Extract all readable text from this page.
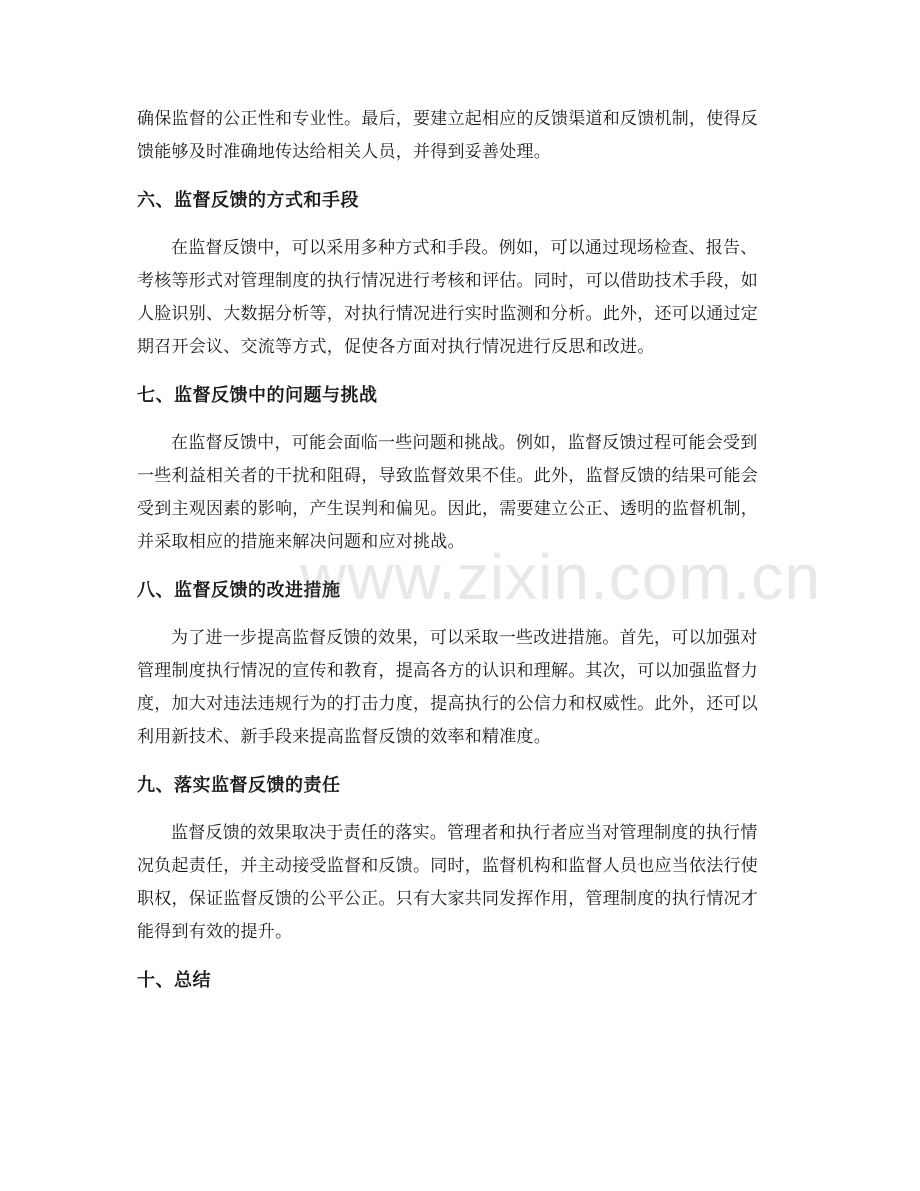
确保监督的公正性和专业性。最后，要建立起相应的反馈渠道和反馈机制，使得反
馈能够及时准确地传达给相关人员，并得到妥善处理。
六、监督反馈的方式和手段
在监督反馈中，可以采用多种方式和手段。例如，可以通过现场检查、报告、
考核等形式对管理制度的执行情况进行考核和评估。同时，可以借助技术手段，如
人脸识别、大数据分析等，对执行情况进行实时监测和分析。此外，还可以通过定
期召开会议、交流等方式，促使各方面对执行情况进行反思和改进。
七、监督反馈中的问题与挑战
在监督反馈中，可能会面临一些问题和挑战。例如，监督反馈过程可能会受到
一些利益相关者的干扰和阻碍，导致监督效果不佳。此外，监督反馈的结果可能会
受到主观因素的影响，产生误判和偏见。因此，需要建立公正、透明的监督机制，
并采取相应的措施来解决问题和应对挑战。
八、监督反馈的改进措施
为了进一步提高监督反馈的效果，可以采取一些改进措施。首先，可以加强对
管理制度执行情况的宣传和教育，提高各方的认识和理解。其次，可以加强监督力
度，加大对违法违规行为的打击力度，提高执行的公信力和权威性。此外，还可以
利用新技术、新手段来提高监督反馈的效率和精准度。
九、落实监督反馈的责任
监督反馈的效果取决于责任的落实。管理者和执行者应当对管理制度的执行情
况负起责任，并主动接受监督和反馈。同时，监督机构和监督人员也应当依法行使
职权，保证监督反馈的公平公正。只有大家共同发挥作用，管理制度的执行情况才
能得到有效的提升。
十、总结
www.zixin.com.cn
